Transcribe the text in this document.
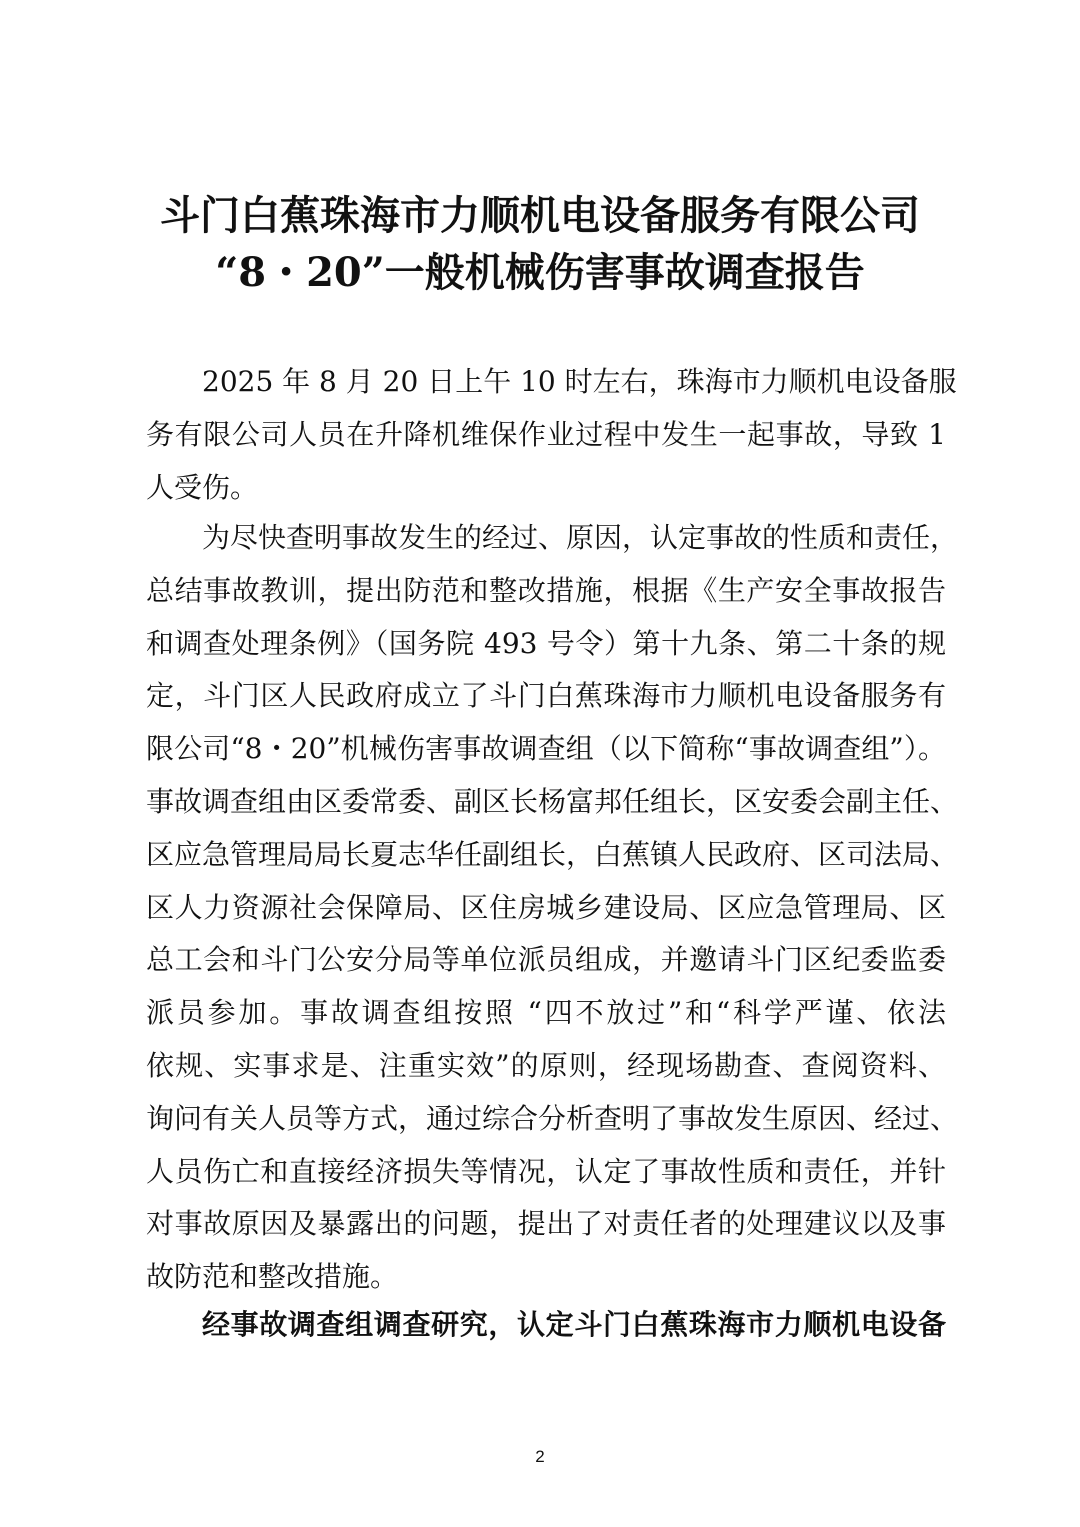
斗门白蕉珠海市力顺机电设备服务有限公司
“8・20”一般机械伤害事故调查报告
2025 年 8 月 20 日上午 10 时左右，珠海市力顺机电设备服
务有限公司人员在升降机维保作业过程中发生一起事故，导致 1
人受伤。
为尽快查明事故发生的经过、原因，认定事故的性质和责任，
总结事故教训，提出防范和整改措施，根据《生产安全事故报告
和调查处理条例》（国务院 493 号令）第十九条、第二十条的规
定，斗门区人民政府成立了斗门白蕉珠海市力顺机电设备服务有
限公司“8・20”机械伤害事故调查组（以下简称“事故调查组”）。
事故调查组由区委常委、副区长杨富邦任组长，区安委会副主任、
区应急管理局局长夏志华任副组长，白蕉镇人民政府、区司法局、
区人力资源社会保障局、区住房城乡建设局、区应急管理局、区
总工会和斗门公安分局等单位派员组成，并邀请斗门区纪委监委
派员参加。事故调查组按照 “四不放过”和“科学严谨、依法
依规、实事求是、注重实效”的原则，经现场勘查、查阅资料、
询问有关人员等方式，通过综合分析查明了事故发生原因、经过、
人员伤亡和直接经济损失等情况，认定了事故性质和责任，并针
对事故原因及暴露出的问题，提出了对责任者的处理建议以及事
故防范和整改措施。
经事故调查组调查研究，认定斗门白蕉珠海市力顺机电设备
2
